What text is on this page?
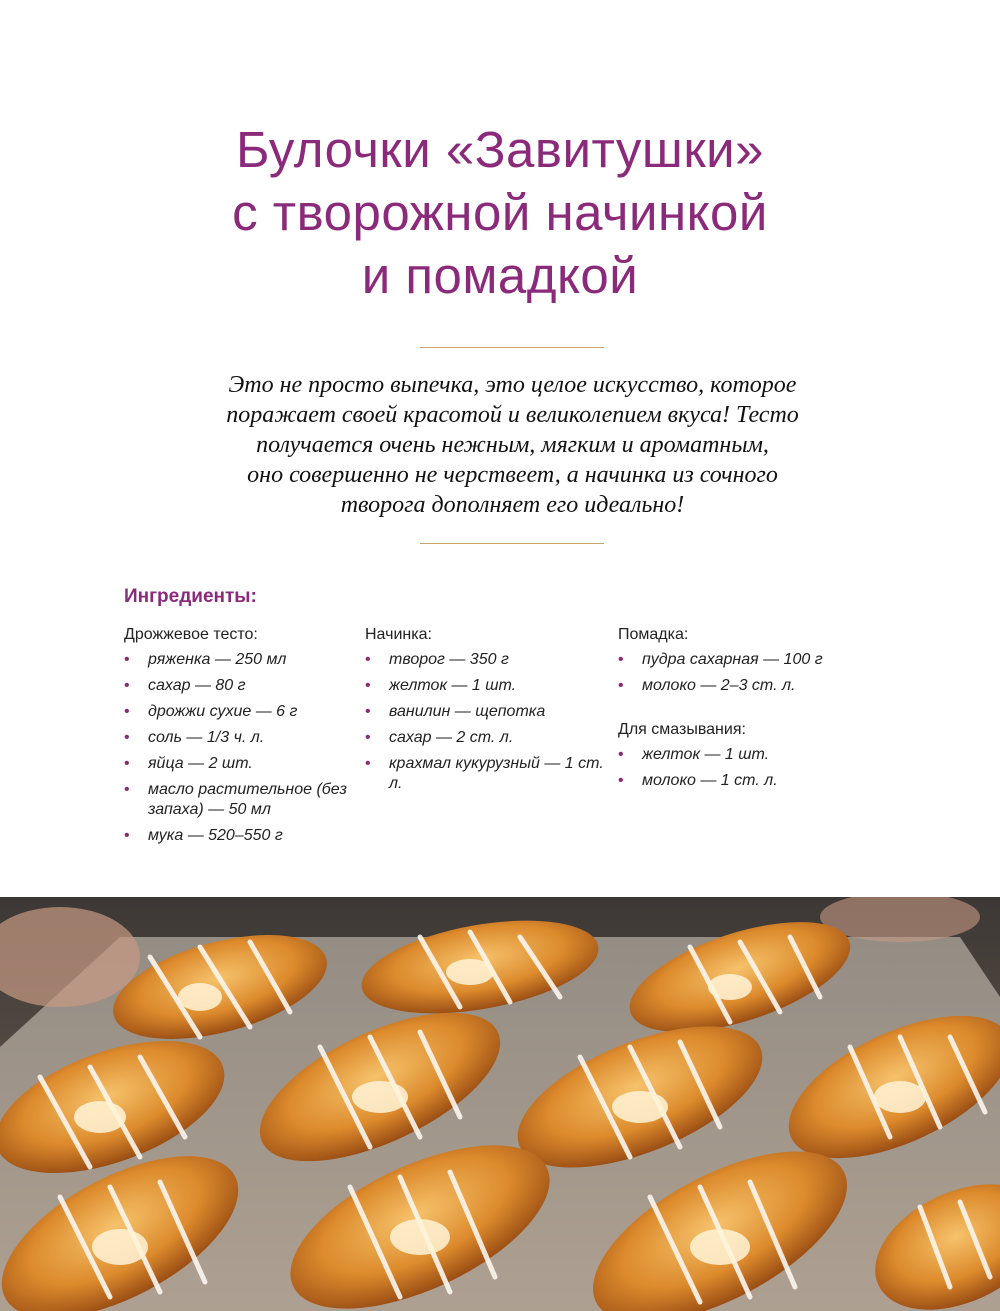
Булочки «Завитушки»
с творожной начинкой
и помадкой

Это не просто выпечка, это целое искусство, которое
поражает своей красотой и великолепием вкуса! Тесто
получается очень нежным, мягким и ароматным,
оно совершенно не черствеет, а начинка из сочного
творога дополняет его идеально!

Ингредиенты:
Дрожжевое тесто:
• ряженка — 250 мл
• сахар — 80 г
• дрожжи сухие — 6 г
• соль — 1/3 ч. л.
• яйца — 2 шт.
• масло растительное (без запаха) — 50 мл
• мука — 520–550 г
Начинка:
• творог — 350 г
• желток — 1 шт.
• ванилин — щепотка
• сахар — 2 ст. л.
• крахмал кукурузный — 1 ст. л.
Помадка:
• пудра сахарная — 100 г
• молоко — 2–3 ст. л.
Для смазывания:
• желток — 1 шт.
• молоко — 1 ст. л.
